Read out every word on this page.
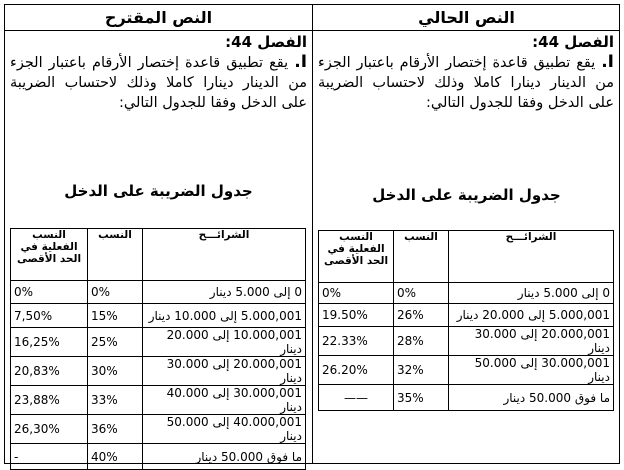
النص الحالي
الفصل 44:
I. يقع تطبيق قاعدة إختصار الأرقام باعتبار الجزء من الدينار دينارا كاملا وذلك لاحتساب الضريبة على الدخل وفقا للجدول التالي:
جدول الضريبة على الدخل
الشرائـــح	النسب	النسب الفعلية في الحد الأقصى
0 إلى 5.000 دينار	0%	0%
5.000,001 إلى 20.000 دينار	26%	19.50%
20.000,001 إلى 30.000 دينار	28%	22.33%
30.000,001 إلى 50.000 دينار	32%	26.20%
ما فوق 50.000 دينار	35%	——
النص المقترح
الفصل 44:
I. يقع تطبيق قاعدة إختصار الأرقام باعتبار الجزء من الدينار دينارا كاملا وذلك لاحتساب الضريبة على الدخل وفقا للجدول التالي:
جدول الضريبة على الدخل
الشرائـــح	النسب	النسب الفعلية في الحد الأقصى
0 إلى 5.000 دينار	0%	0%
5.000,001 إلى 10.000 دينار	15%	7,50%
10.000,001 إلى 20.000 دينار	25%	16,25%
20.000,001 إلى 30.000 دينار	30%	20,83%
30.000,001 إلى 40.000 دينار	33%	23,88%
40.000,001 إلى 50.000 دينار	36%	26,30%
ما فوق 50.000 دينار	40%	-
